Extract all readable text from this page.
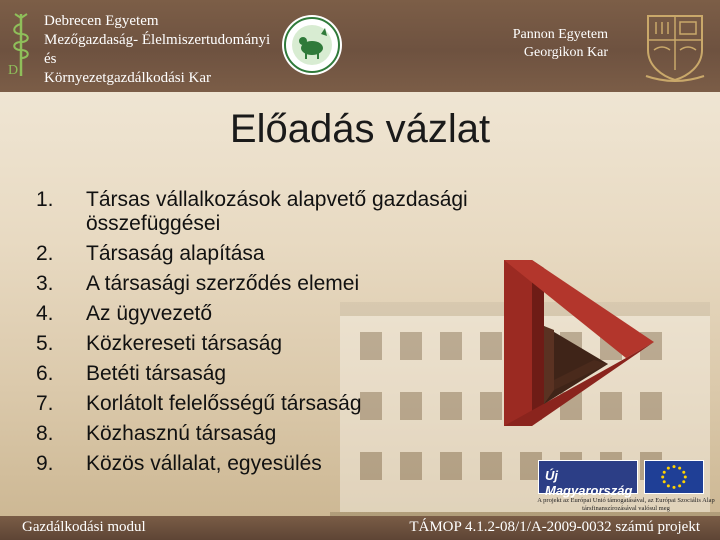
D
Debrecen Egyetem
Mezőgazdaság- Élelmiszertudományi és
Környezetgazdálkodási Kar
Pannon Egyetem
Georgikon Kar
Előadás vázlat
1. Társas vállalkozások alapvető gazdasági összefüggései
2. Társaság alapítása
3. A társasági szerződés elemei
4. Az ügyvezető
5. Közkereseti társaság
6. Betéti társaság
7. Korlátolt felelősségű társaság
8. Közhasznú társaság
9. Közös vállalat, egyesülés
Új Magyarország
A projekt az Európai Unió támogatásával, az Európai Szociális Alap társfinanszírozásával valósul meg
Gazdálkodási modul	TÁMOP 4.1.2-08/1/A-2009-0032 számú projekt
